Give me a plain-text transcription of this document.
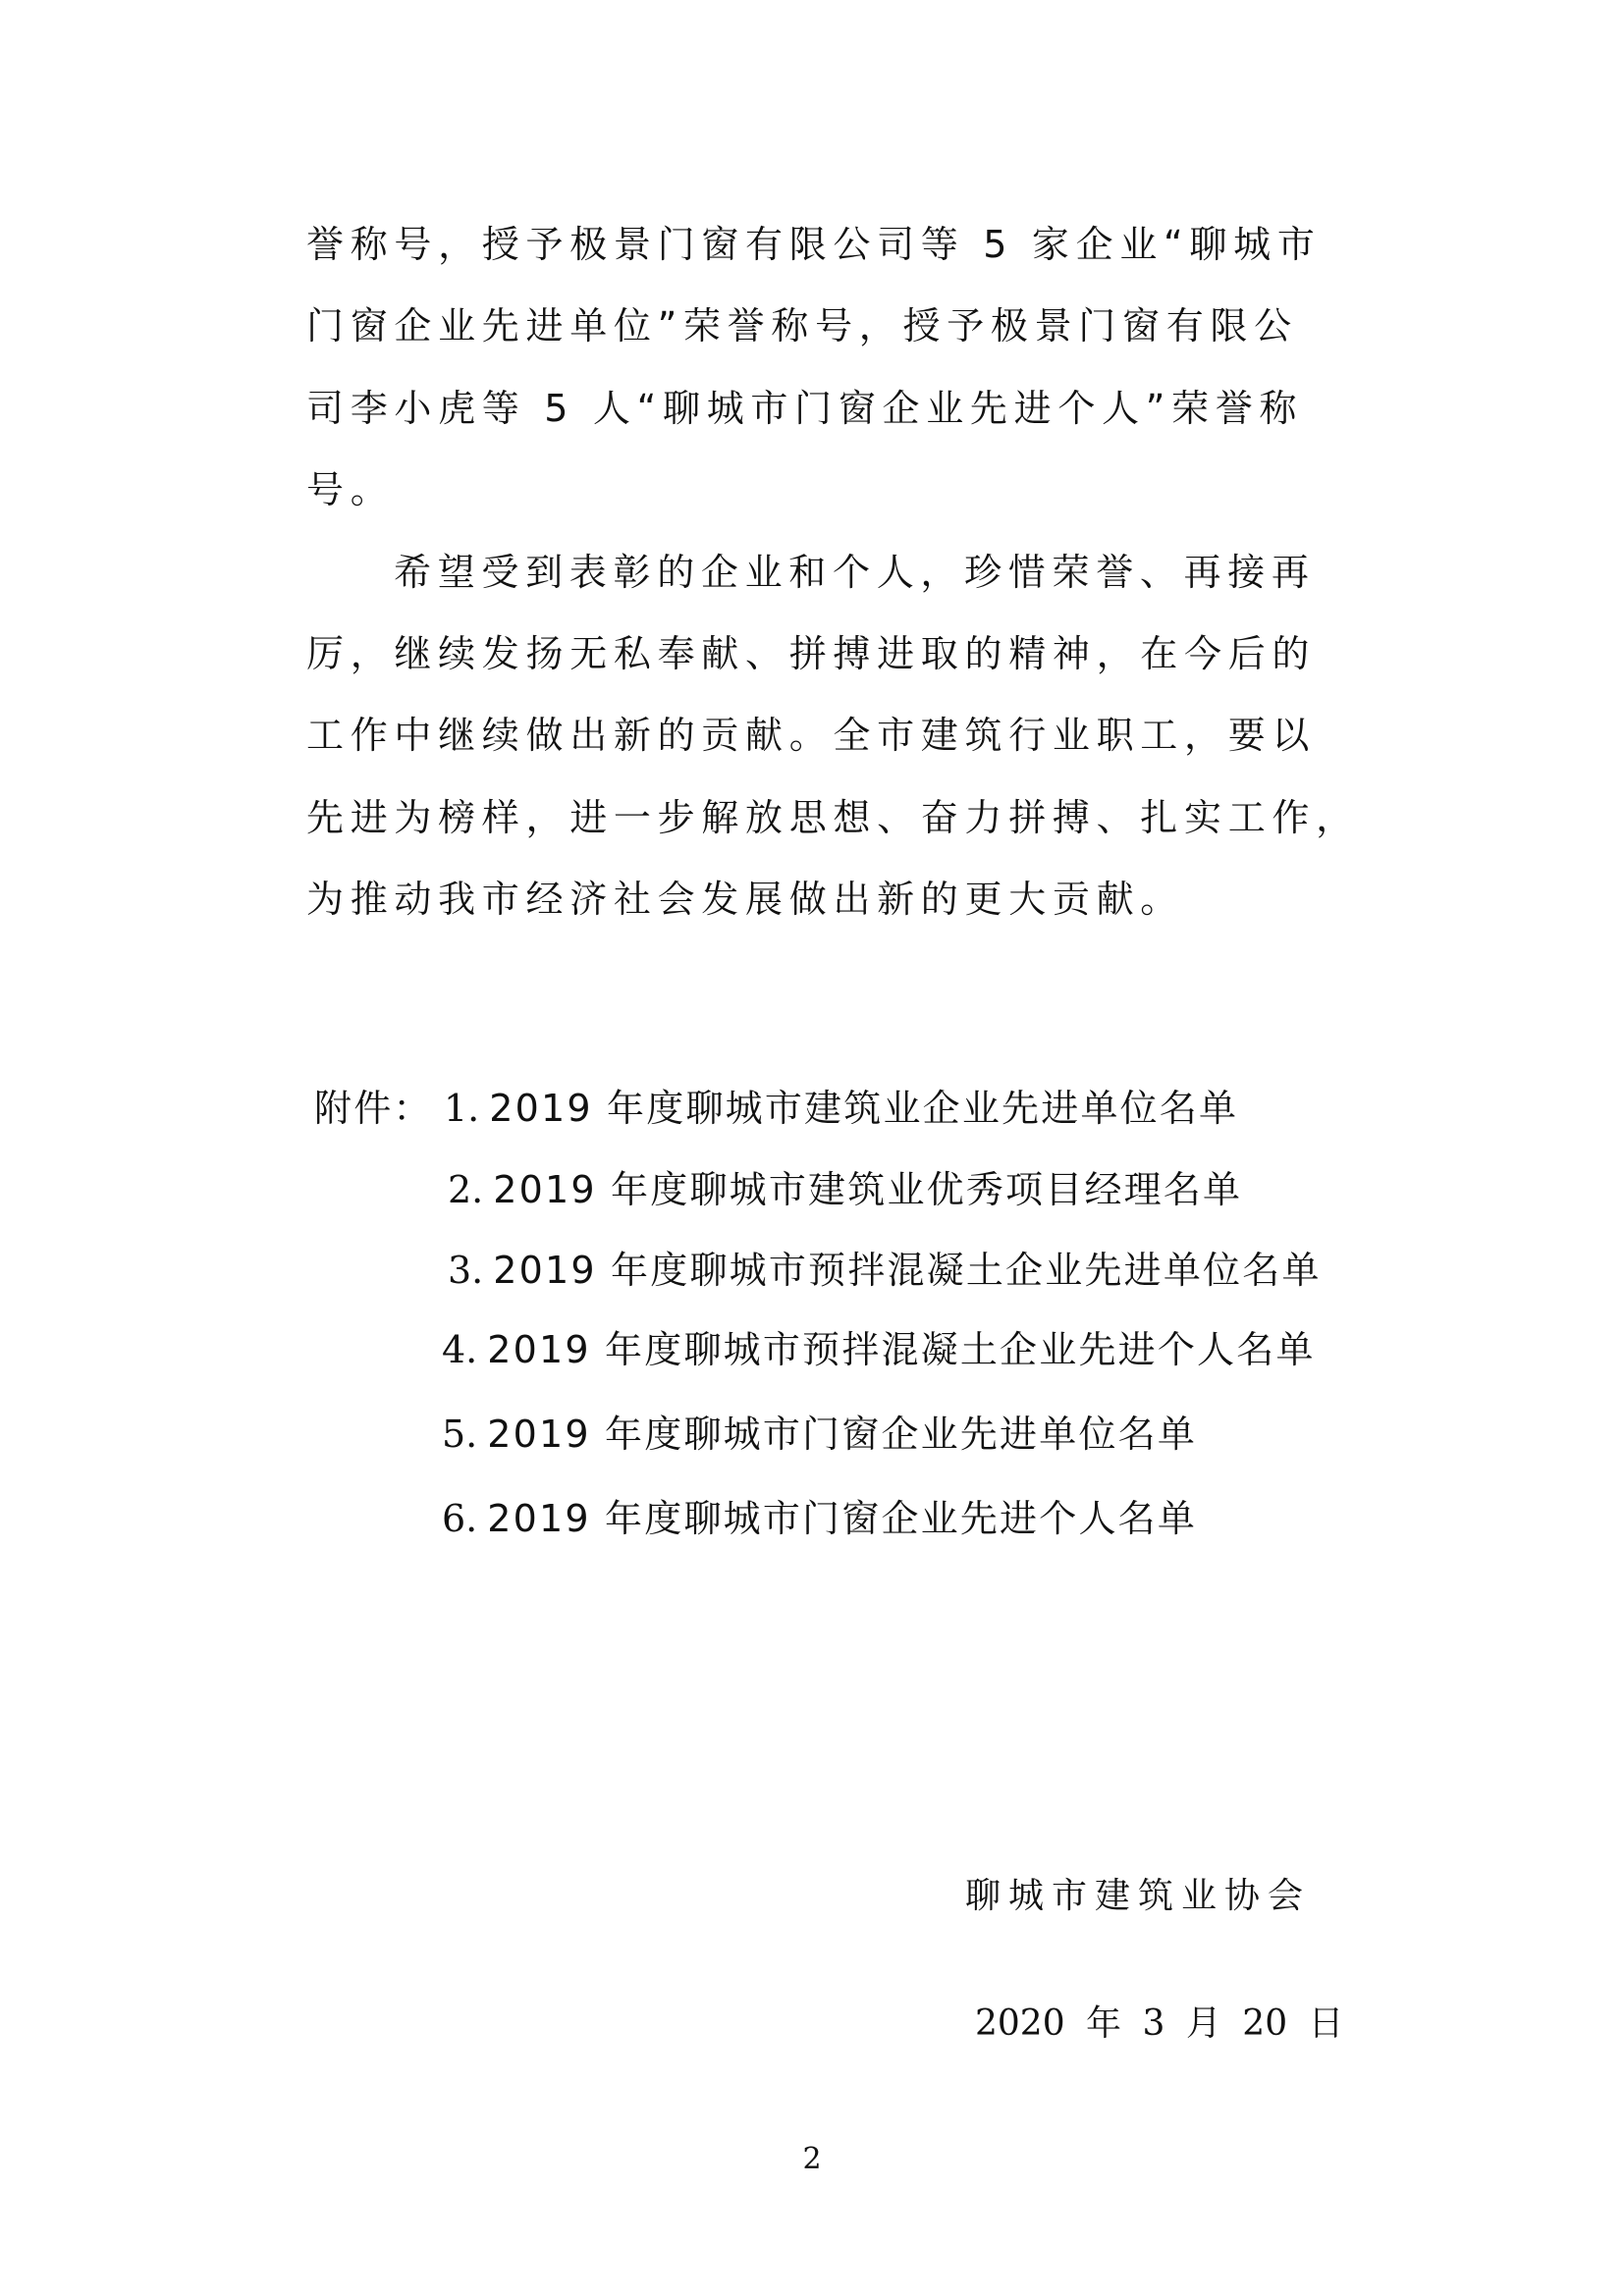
誉称号，授予极景门窗有限公司等 5 家企业“聊城市
门窗企业先进单位”荣誉称号，授予极景门窗有限公
司李小虎等 5 人“聊城市门窗企业先进个人”荣誉称
号。
希望受到表彰的企业和个人，珍惜荣誉、再接再
厉，继续发扬无私奉献、拼搏进取的精神，在今后的
工作中继续做出新的贡献。全市建筑行业职工，要以
先进为榜样，进一步解放思想、奋力拼搏、扎实工作，
为推动我市经济社会发展做出新的更大贡献。
附件： 1. 2019 年度聊城市建筑业企业先进单位名单
2. 2019 年度聊城市建筑业优秀项目经理名单
3. 2019 年度聊城市预拌混凝土企业先进单位名单
4. 2019 年度聊城市预拌混凝土企业先进个人名单
5. 2019 年度聊城市门窗企业先进单位名单
6. 2019 年度聊城市门窗企业先进个人名单
聊城市建筑业协会
2020 年 3 月 20 日
2
